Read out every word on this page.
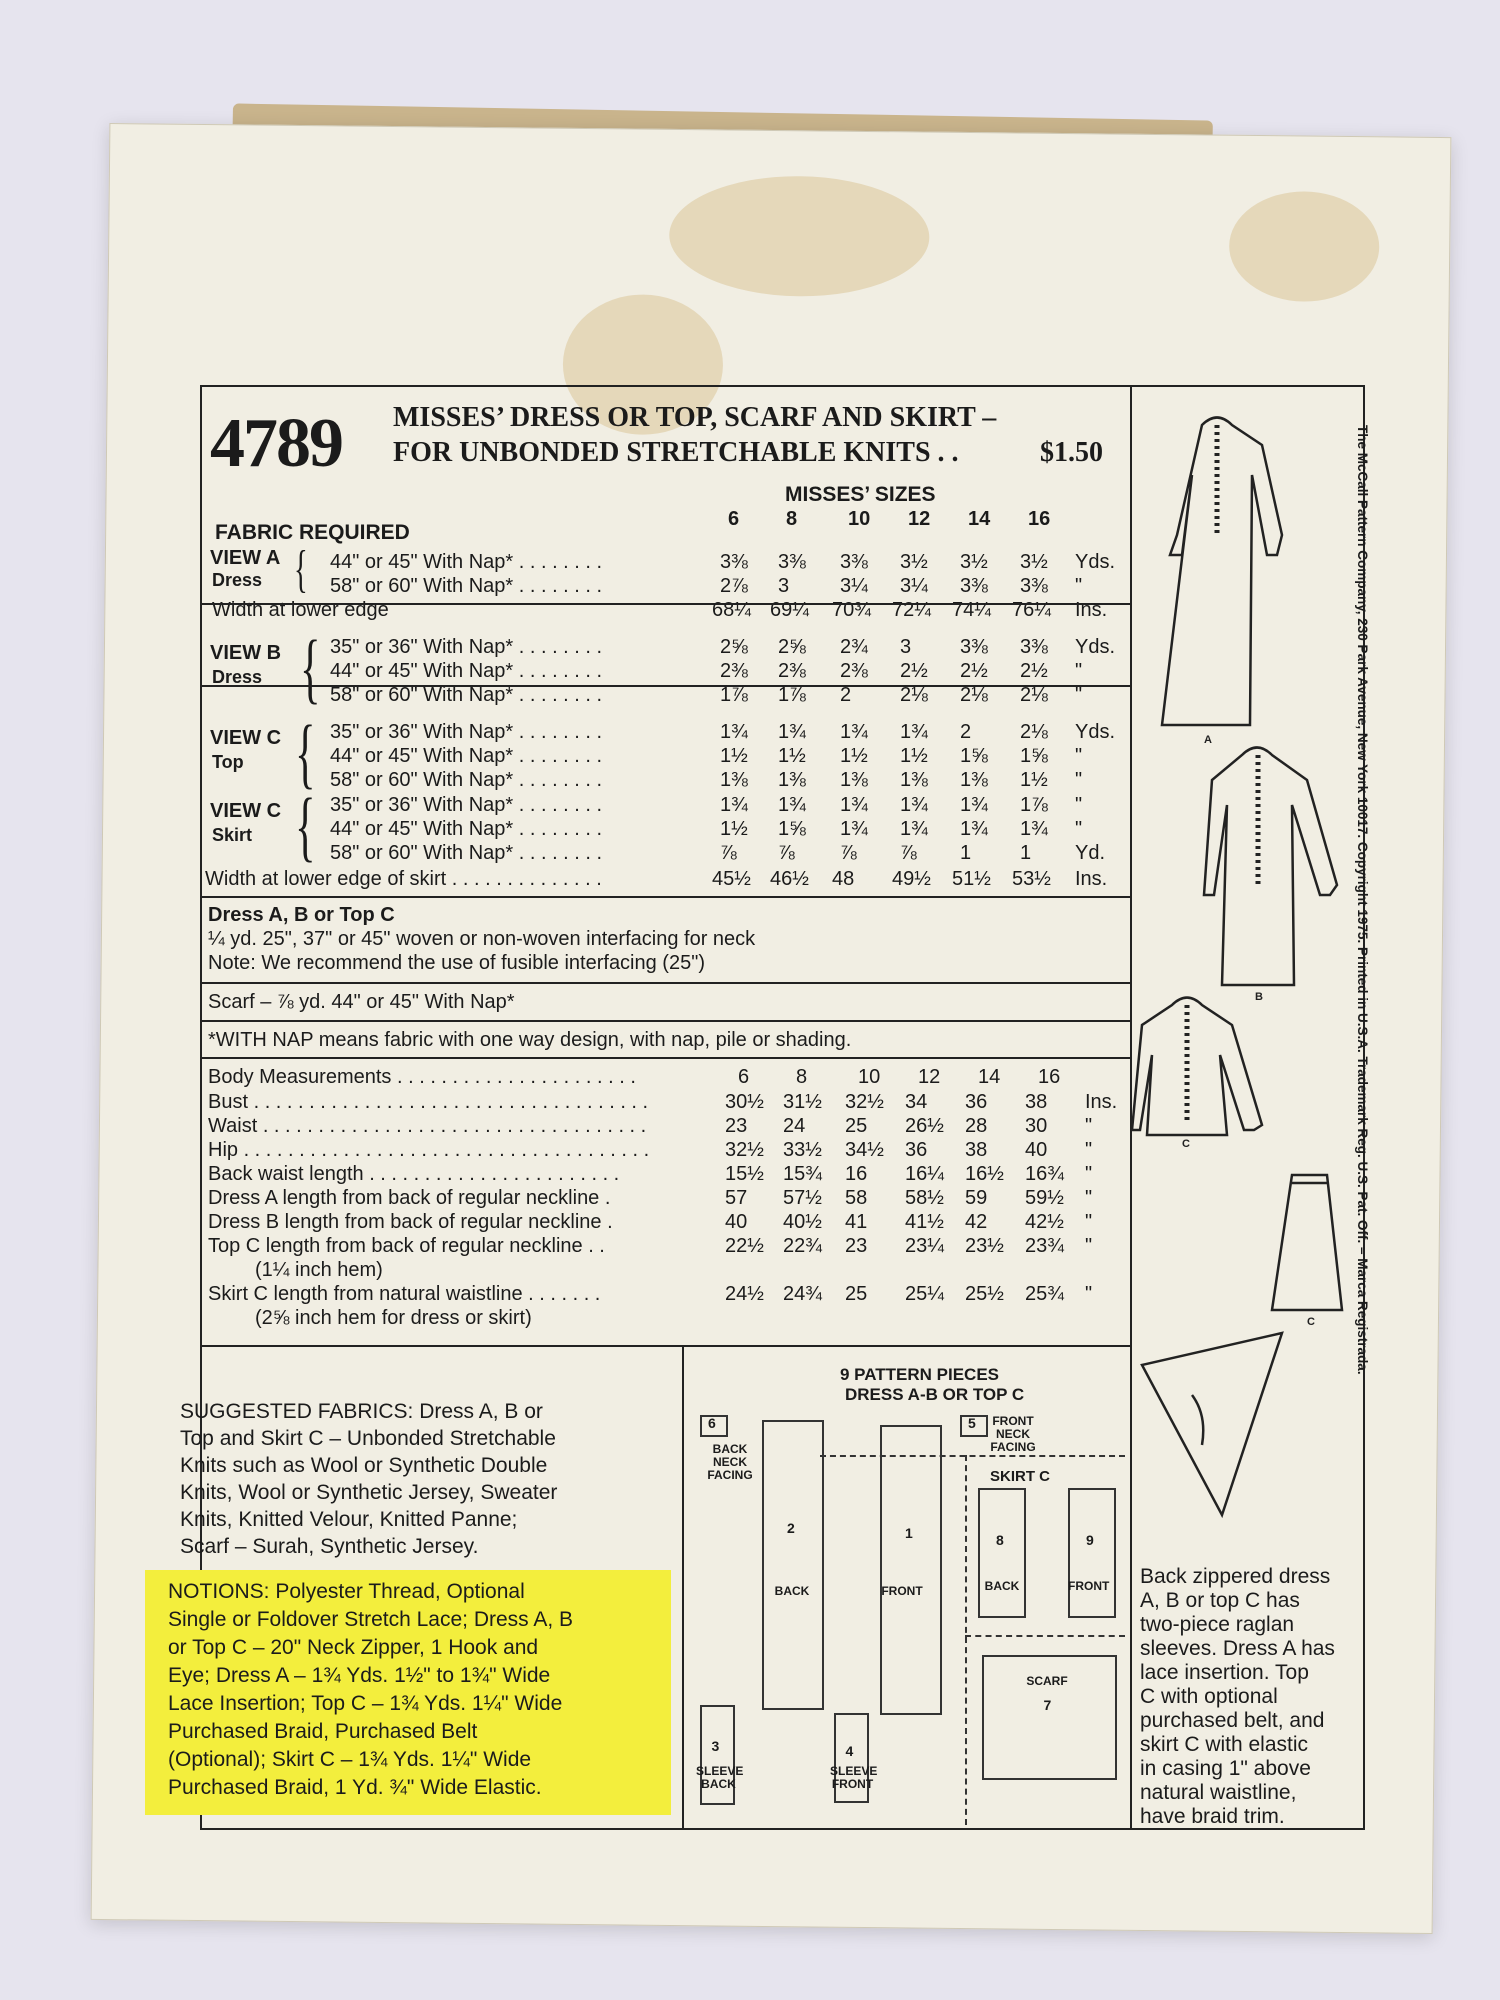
4789 MISSES’ DRESS OR TOP, SCARF AND SKIRT –
FOR UNBONDED STRETCHABLE KNITS . .	$1.50
MISSES’ SIZES
FABRIC REQUIRED
6 8	10 12 14 16
VIEW A
Dress { 44" or 45" With Nap* . . . . . . . .	3⅜ 3⅜ 3⅜ 3½ 3½ 3½ Yds.
58" or 60" With Nap* . . . . . . . .	2⅞ 3	3¼ 3¼ 3⅜ 3⅜ "
Width at lower edge	68¼ 69¼ 70¾ 72¼ 74¼ 76¼ Ins.
VIEW B
Dress { 35" or 36" With Nap* . . . . . . . .	2⅝ 2⅝ 2¾ 3 3⅜ 3⅜ Yds.
44" or 45" With Nap* . . . . . . . .	2⅜ 2⅜ 2⅜ 2½ 2½ 2½ "
58" or 60" With Nap* . . . . . . . .	1⅞ 1⅞ 2 2⅛ 2⅛ 2⅛ "
VIEW C
Top { 35" or 36" With Nap* . . . . . . . .	1¾ 1¾ 1¾ 1¾ 2 2⅛ Yds.
44" or 45" With Nap* . . . . . . . .	1½ 1½ 1½ 1½ 1⅝ 1⅝ "
58" or 60" With Nap* . . . . . . . .	1⅜ 1⅜ 1⅜ 1⅜ 1⅜ 1½ "
VIEW C
Skirt { 35" or 36" With Nap* . . . . . . . .	1¾ 1¾ 1¾ 1¾ 1¾ 1⅞ "
44" or 45" With Nap* . . . . . . . .	1½ 1⅝ 1¾ 1¾ 1¾ 1¾ "
58" or 60" With Nap* . . . . . . . .	⅞ ⅞ ⅞ ⅞ 1 1 Yd.
Width at lower edge of skirt . . . . . . . . . . . . . .	45½ 46½ 48 49½ 51½ 53½ Ins.
Dress A, B or Top C
¼ yd. 25", 37" or 45" woven or non-woven interfacing for neck
Note: We recommend the use of fusible interfacing (25")
Scarf – ⅞ yd. 44" or 45" With Nap*
*WITH NAP means fabric with one way design, with nap, pile or shading.
Body Measurements . . . . . . . . . . . . . . . . . . . . . .	6 8	10 12 14 16
Bust . . . . . . . . . . . . . . . . . . . . . . . . . . . . . . . . . . . .	30½ 31½ 32½ 34 36 38 Ins.
Waist . . . . . . . . . . . . . . . . . . . . . . . . . . . . . . . . . . .	23 24 25 26½ 28 30 "
Hip . . . . . . . . . . . . . . . . . . . . . . . . . . . . . . . . . . . . .	32½ 33½ 34½ 36 38 40 "
Back waist length . . . . . . . . . . . . . . . . . . . . . . .	15½ 15¾ 16 16¼ 16½ 16¾ "
Dress A length from back of regular neckline .	57 57½ 58 58½ 59 59½ "
Dress B length from back of regular neckline .	40 40½ 41 41½ 42 42½ "
Top C length from back of regular neckline . .
(1¼ inch hem)
22½ 22¾ 23 23¼ 23½ 23¾ "
Skirt C length from natural waistline . . . . . . .
(2⅝ inch hem for dress or skirt)
24½ 24¾ 25 25¼ 25½ 25¾ "
SUGGESTED FABRICS: Dress A, B or
Top and Skirt C – Unbonded Stretchable
Knits such as Wool or Synthetic Double
Knits, Wool or Synthetic Jersey, Sweater
Knits, Knitted Velour, Knitted Panne;
Scarf – Surah, Synthetic Jersey.
9 PATTERN PIECES
DRESS A-B OR TOP C
SKIRT C
6
BACK NECK FACING
5	FRONT NECK FACING
2
BACK
1
FRONT
8
BACK
9
FRONT
3
SLEEVE BACK
4
SLEEVE FRONT
7
SCARF
Back zippered dress
A, B or top C has
two-piece raglan
sleeves. Dress A has
lace insertion. Top
C with optional
purchased belt, and
skirt C with elastic
in casing 1" above
natural waistline,
have braid trim.
A
B
C
C
NOTIONS: Polyester Thread, Optional
Single or Foldover Stretch Lace; Dress A, B
or Top C – 20" Neck Zipper, 1 Hook and
Eye; Dress A – 1¾ Yds. 1½" to 1¾" Wide
Lace Insertion; Top C – 1¾ Yds. 1¼" Wide
Purchased Braid, Purchased Belt
(Optional); Skirt C – 1¾ Yds. 1¼" Wide
Purchased Braid, 1 Yd. ¾" Wide Elastic.
The McCall Pattern Company, 230 Park Avenue, New York 10017. Copyright 1975. Printed in U.S.A. Trademark Reg. U.S. Pat. Off. – Marca Registrada.
